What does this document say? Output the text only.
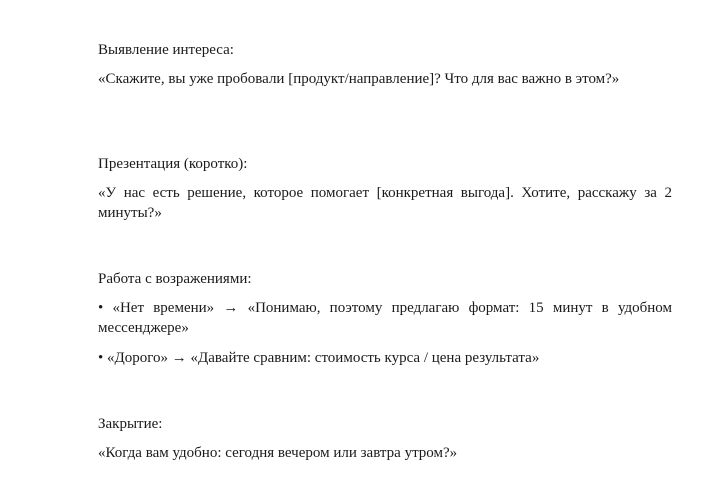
Выявление интереса:

«Скажите, вы уже пробовали [продукт/направление]? Что для вас важно в этом?»

Презентация (коротко):

«У нас есть решение, которое помогает [конкретная выгода]. Хотите, расскажу за 2 минуты?»

Работа с возражениями:

• «Нет времени» → «Понимаю, поэтому предлагаю формат: 15 минут в удобном мессенджере»

• «Дорого» → «Давайте сравним: стоимость курса / цена результата»

Закрытие:

«Когда вам удобно: сегодня вечером или завтра утром?»
